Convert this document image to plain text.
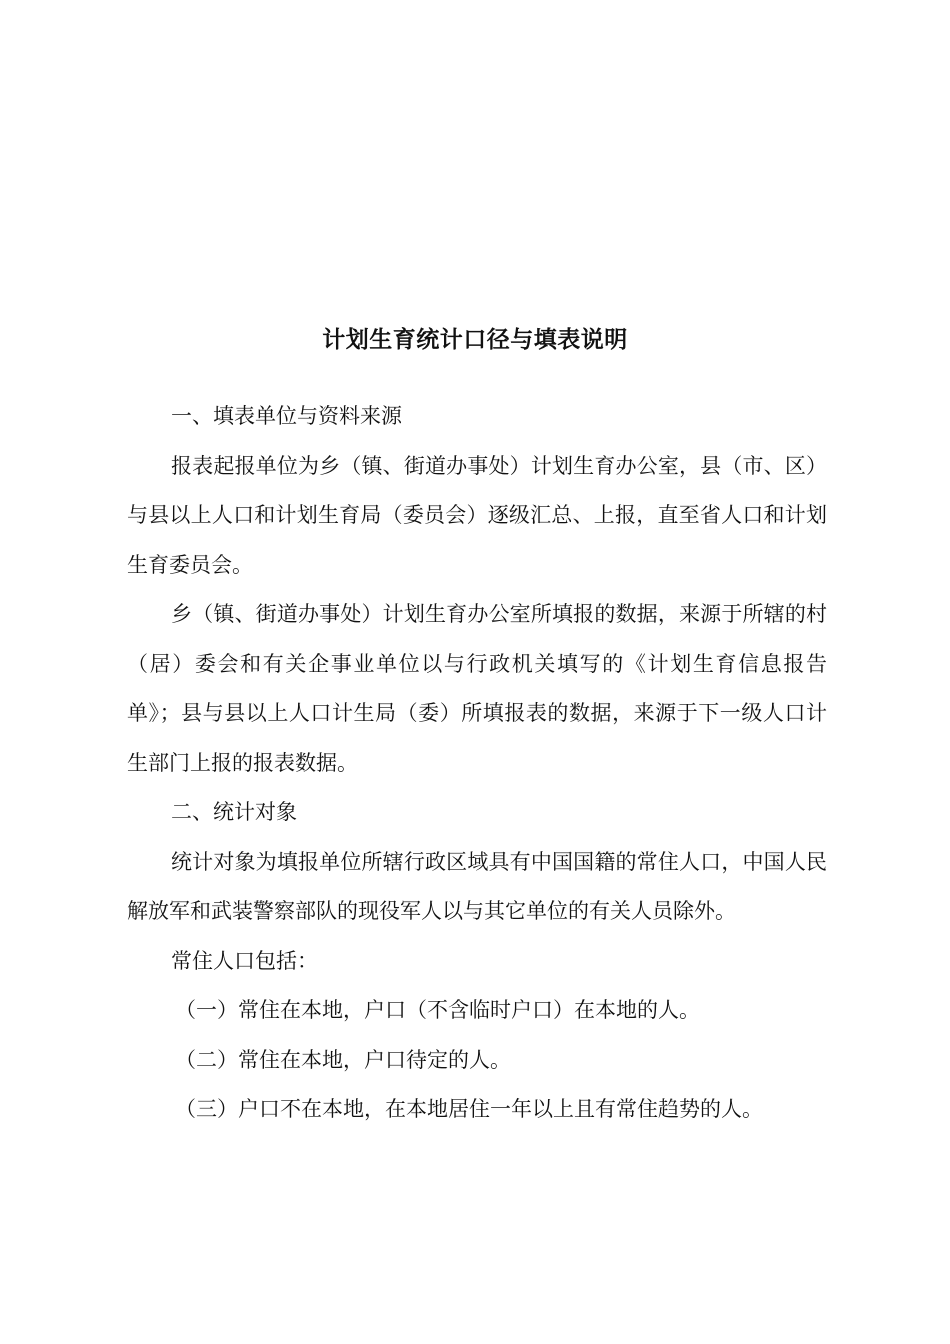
计划生育统计口径与填表说明

一、填表单位与资料来源

报表起报单位为乡（镇、街道办事处）计划生育办公室，县（市、区）与县以上人口和计划生育局（委员会）逐级汇总、上报，直至省人口和计划生育委员会。

乡（镇、街道办事处）计划生育办公室所填报的数据，来源于所辖的村（居）委会和有关企事业单位以与行政机关填写的《计划生育信息报告单》；县与县以上人口计生局（委）所填报表的数据，来源于下一级人口计生部门上报的报表数据。

二、统计对象

统计对象为填报单位所辖行政区域具有中国国籍的常住人口，中国人民解放军和武装警察部队的现役军人以与其它单位的有关人员除外。

常住人口包括：

（一）常住在本地，户口（不含临时户口）在本地的人。

（二）常住在本地，户口待定的人。

（三）户口不在本地，在本地居住一年以上且有常住趋势的人。
